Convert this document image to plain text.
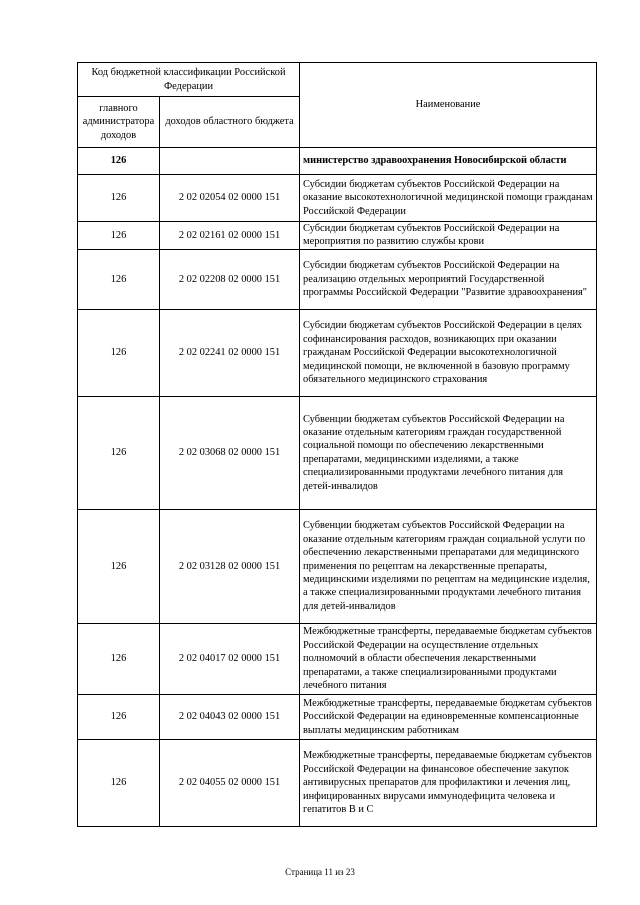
Код бюджетной классификации Российской Федерации		Наименование
главного администратора доходов	доходов областного бюджета	
126		министерство здравоохранения Новосибирской области
126	2 02 02054 02 0000 151	Субсидии бюджетам субъектов Российской Федерации на оказание высокотехнологичной медицинской помощи гражданам Российской Федерации
126	2 02 02161 02 0000 151	Субсидии бюджетам субъектов Российской Федерации на мероприятия по развитию службы крови
126	2 02 02208 02 0000 151	Субсидии бюджетам субъектов Российской Федерации на реализацию отдельных мероприятий Государственной программы Российской Федерации "Развитие здравоохранения"
126	2 02 02241 02 0000 151	Субсидии бюджетам субъектов Российской Федерации в целях софинансирования расходов, возникающих при оказании гражданам Российской Федерации высокотехнологичной медицинской помощи, не включенной в базовую программу обязательного медицинского страхования
126	2 02 03068 02 0000 151	Субвенции бюджетам субъектов Российской Федерации на оказание отдельным категориям граждан государственной социальной помощи по обеспечению лекарственными препаратами, медицинскими изделиями, а также специализированными продуктами лечебного питания для детей-инвалидов
126	2 02 03128 02 0000 151	Субвенции бюджетам субъектов Российской Федерации на оказание отдельным категориям граждан социальной услуги по обеспечению лекарственными препаратами для медицинского применения по рецептам на лекарственные препараты, медицинскими изделиями по рецептам на медицинские изделия, а также специализированными продуктами лечебного питания для детей-инвалидов
126	2 02 04017 02 0000 151	Межбюджетные трансферты, передаваемые бюджетам субъектов Российской Федерации на осуществление отдельных полномочий в области обеспечения лекарственными препаратами, а также специализированными продуктами лечебного питания
126	2 02 04043 02 0000 151	Межбюджетные трансферты, передаваемые бюджетам субъектов Российской Федерации на единовременные компенсационные выплаты медицинским работникам
126	2 02 04055 02 0000 151	Межбюджетные трансферты, передаваемые бюджетам субъектов Российской Федерации на финансовое обеспечение закупок антивирусных препаратов для профилактики и лечения лиц, инфицированных вирусами иммунодефицита человека и гепатитов В и С
Страница 11 из 23
